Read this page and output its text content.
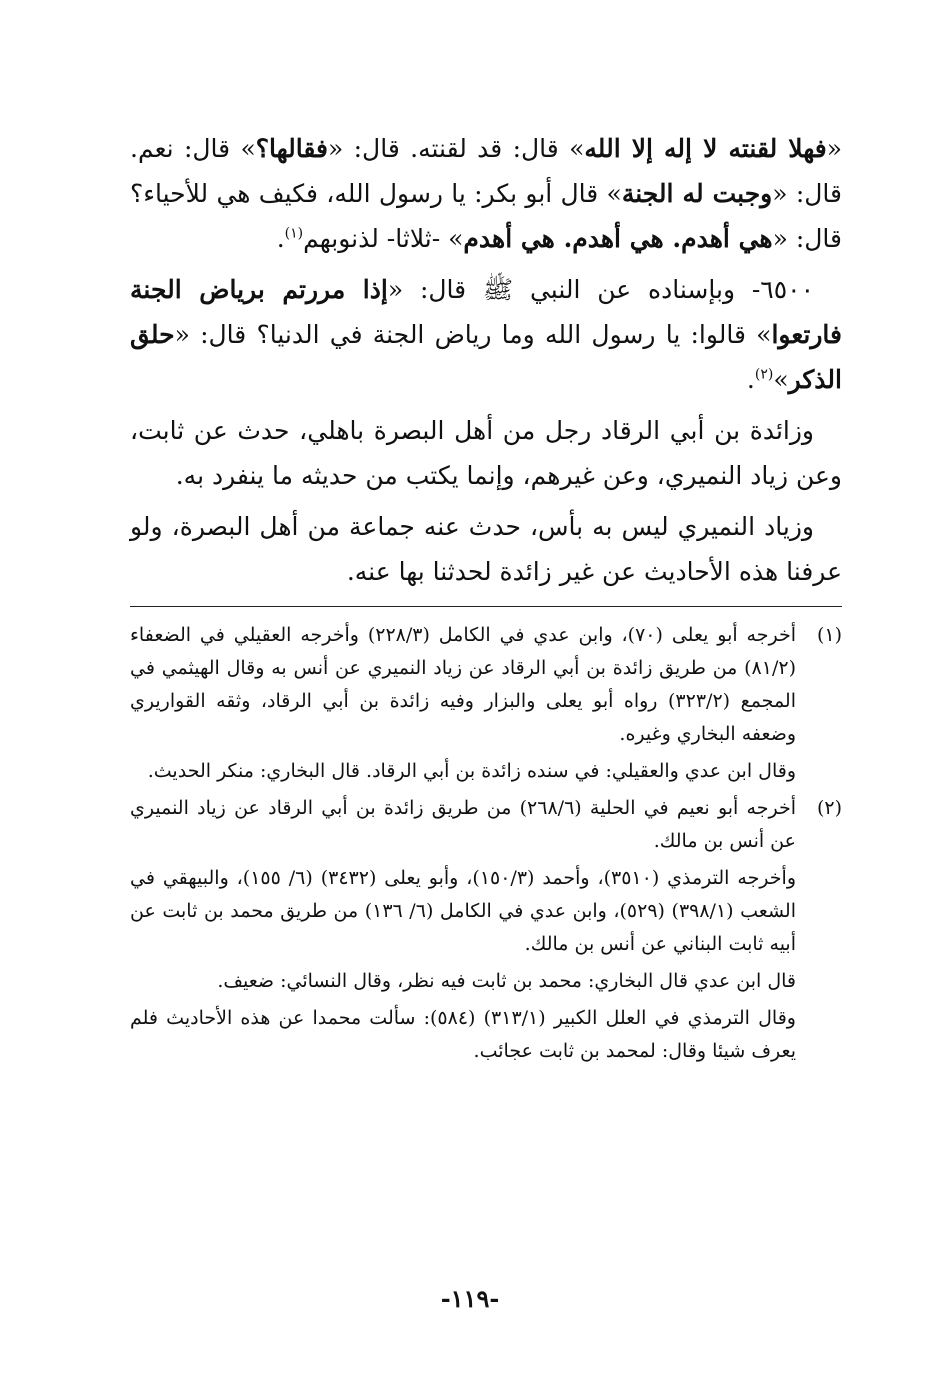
«فهلا لقنته لا إله إلا الله» قال: قد لقنته. قال: «فقالها؟» قال: نعم. قال: «وجبت له الجنة» قال أبو بكر: يا رسول الله، فكيف هي للأحياء؟ قال: «هي أهدم. هي أهدم. هي أهدم» -ثلاثا- لذنوبهم$^{(١)}$.

٦٥٠٠- وبإسناده عن النبي ﷺ قال: «إذا مررتم برياض الجنة فارتعوا» قالوا: يا رسول الله وما رياض الجنة في الدنيا؟ قال: «حلق الذكر»$^{(٢)}$.

وزائدة بن أبي الرقاد رجل من أهل البصرة باهلي، حدث عن ثابت، وعن زياد النميري، وعن غيرهم، وإنما يكتب من حديثه ما ينفرد به.

وزياد النميري ليس به بأس، حدث عنه جماعة من أهل البصرة، ولو عرفنا هذه الأحاديث عن غير زائدة لحدثنا بها عنه.

(١)
أخرجه أبو يعلى (٧٠)، وابن عدي في الكامل (٢٢٨/٣) وأخرجه العقيلي في الضعفاء (٨١/٢) من طريق زائدة بن أبي الرقاد عن زياد النميري عن أنس به وقال الهيثمي في المجمع (٣٢٣/٢) رواه أبو يعلى والبزار وفيه زائدة بن أبي الرقاد، وثقه القواريري وضعفه البخاري وغيره.

وقال ابن عدي والعقيلي: في سنده زائدة بن أبي الرقاد. قال البخاري: منكر الحديث.

(٢)
أخرجه أبو نعيم في الحلية (٢٦٨/٦) من طريق زائدة بن أبي الرقاد عن زياد النميري عن أنس بن مالك.

وأخرجه الترمذي (٣٥١٠)، وأحمد (١٥٠/٣)، وأبو يعلى (٣٤٣٢) (٦/ ١٥٥)، والبيهقي في الشعب (٣٩٨/١) (٥٢٩)، وابن عدي في الكامل (٦/ ١٣٦) من طريق محمد بن ثابت عن أبيه ثابت البناني عن أنس بن مالك.

قال ابن عدي قال البخاري: محمد بن ثابت فيه نظر، وقال النسائي: ضعيف.

وقال الترمذي في العلل الكبير (٣١٣/١) (٥٨٤): سألت محمدا عن هذه الأحاديث فلم يعرف شيئا وقال: لمحمد بن ثابت عجائب.

-١١٩-
